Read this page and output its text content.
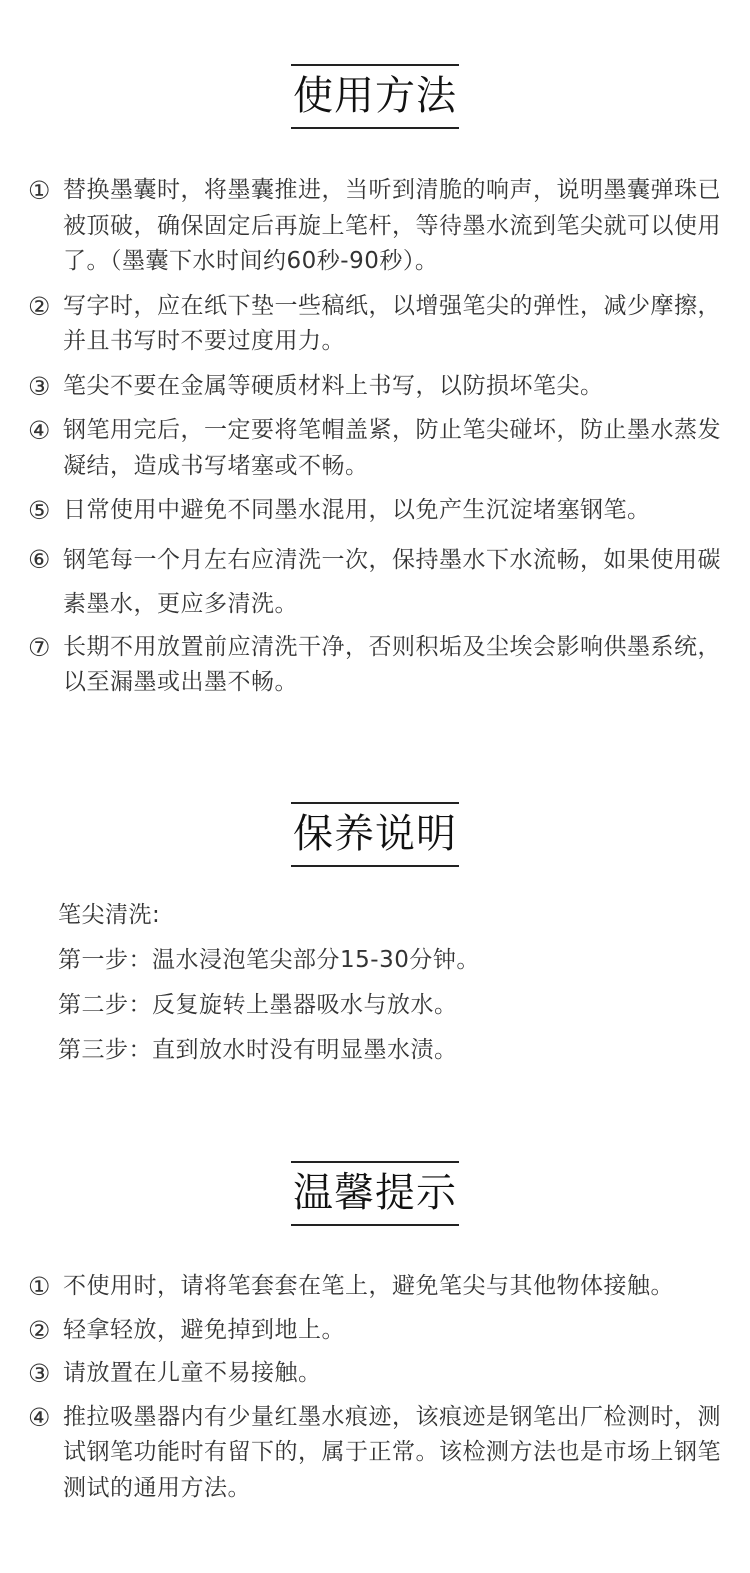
使用方法
① 替换墨囊时，将墨囊推进，当听到清脆的响声，说明墨囊弹珠已被顶破，确保固定后再旋上笔杆，等待墨水流到笔尖就可以使用了。（墨囊下水时间约60秒-90秒）。
② 写字时，应在纸下垫一些稿纸，以增强笔尖的弹性，减少摩擦，并且书写时不要过度用力。
③ 笔尖不要在金属等硬质材料上书写，以防损坏笔尖。
④ 钢笔用完后，一定要将笔帽盖紧，防止笔尖碰坏，防止墨水蒸发凝结，造成书写堵塞或不畅。
⑤ 日常使用中避免不同墨水混用，以免产生沉淀堵塞钢笔。
⑥ 钢笔每一个月左右应清洗一次，保持墨水下水流畅，如果使用碳素墨水，更应多清洗。
⑦ 长期不用放置前应清洗干净，否则积垢及尘埃会影响供墨系统，以至漏墨或出墨不畅。
保养说明
笔尖清洗:
第一步：温水浸泡笔尖部分15-30分钟。
第二步：反复旋转上墨器吸水与放水。
第三步：直到放水时没有明显墨水渍。
温馨提示
① 不使用时，请将笔套套在笔上，避免笔尖与其他物体接触。
② 轻拿轻放，避免掉到地上。
③ 请放置在儿童不易接触。
④ 推拉吸墨器内有少量红墨水痕迹，该痕迹是钢笔出厂检测时，测试钢笔功能时有留下的，属于正常。该检测方法也是市场上钢笔测试的通用方法。
